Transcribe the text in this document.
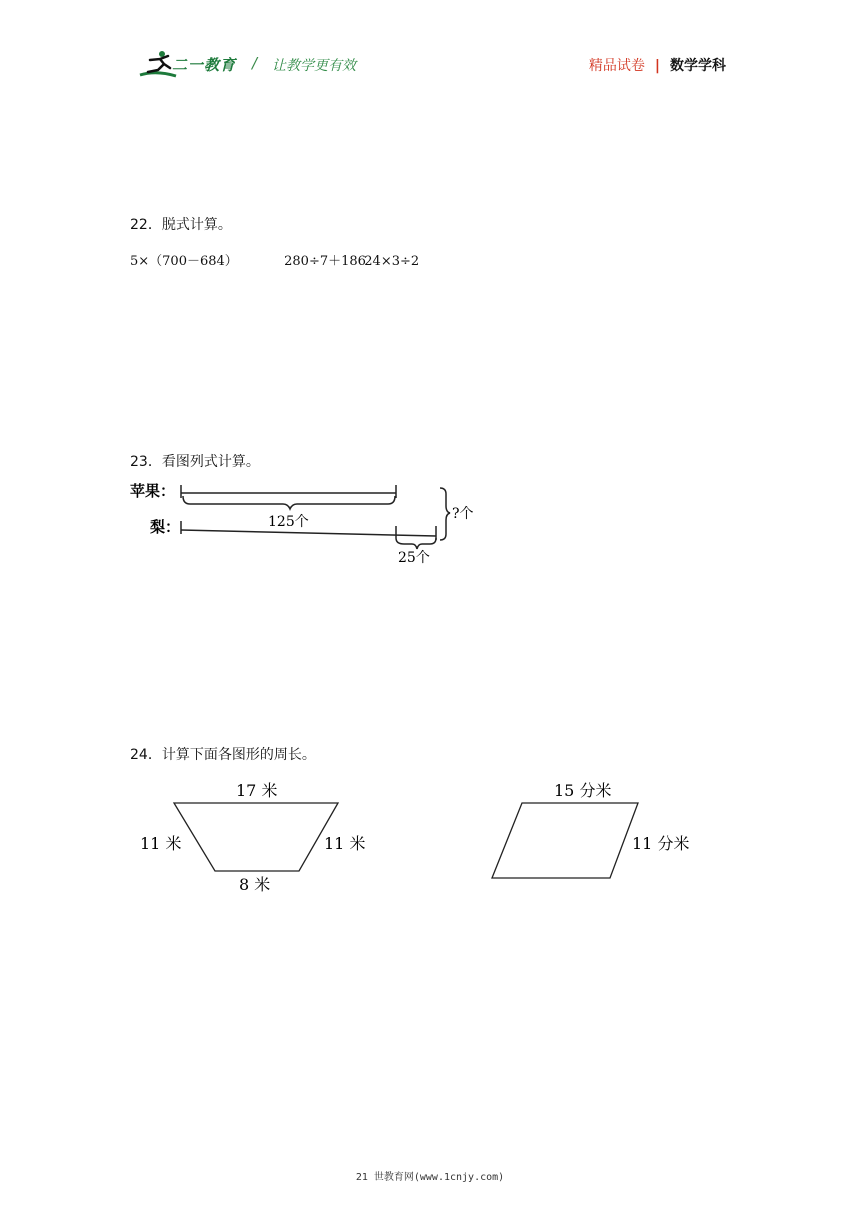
二一教育 / 让教学更有效	精品试卷 | 数学学科
22．脱式计算。
5×（700－684）	280÷7＋186 24×3÷2
23．看图列式计算。
苹果：
梨：	125个
25个
?个
24．计算下面各图形的周长。
17 米
11 米	11 米
8 米
15 分米
11 分米
21 世教育网(www.1cnjy.com)
